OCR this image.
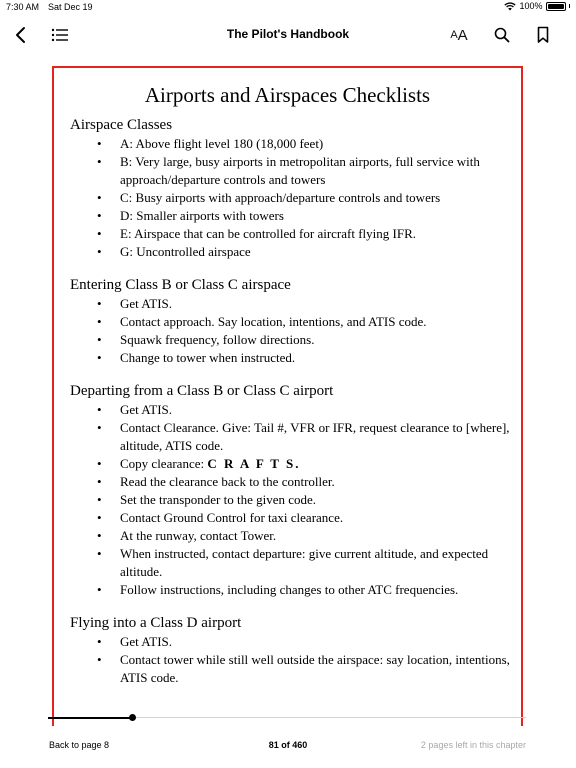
7:30 AM Sat Dec 19	100%
The Pilot's Handbook	A A
Airports and Airspaces Checklists
Airspace Classes
• A: Above flight level 180 (18,000 feet)
• B: Very large, busy airports in metropolitan airports, full service with approach/departure controls and towers
• C: Busy airports with approach/departure controls and towers
• D: Smaller airports with towers
• E: Airspace that can be controlled for aircraft flying IFR.
• G: Uncontrolled airspace
Entering Class B or Class C airspace
• Get ATIS.
• Contact approach. Say location, intentions, and ATIS code.
• Squawk frequency, follow directions.
• Change to tower when instructed.
Departing from a Class B or Class C airport
• Get ATIS.
• Contact Clearance. Give: Tail #, VFR or IFR, request clearance to [where], altitude, ATIS code.
• Copy clearance: C R A F T S.
• Read the clearance back to the controller.
• Set the transponder to the given code.
• Contact Ground Control for taxi clearance.
• At the runway, contact Tower.
• When instructed, contact departure: give current altitude, and expected altitude.
• Follow instructions, including changes to other ATC frequencies.
Flying into a Class D airport
• Get ATIS.
• Contact tower while still well outside the airspace: say location, intentions, ATIS code.
Back to page 8	81 of 460	2 pages left in this chapter
